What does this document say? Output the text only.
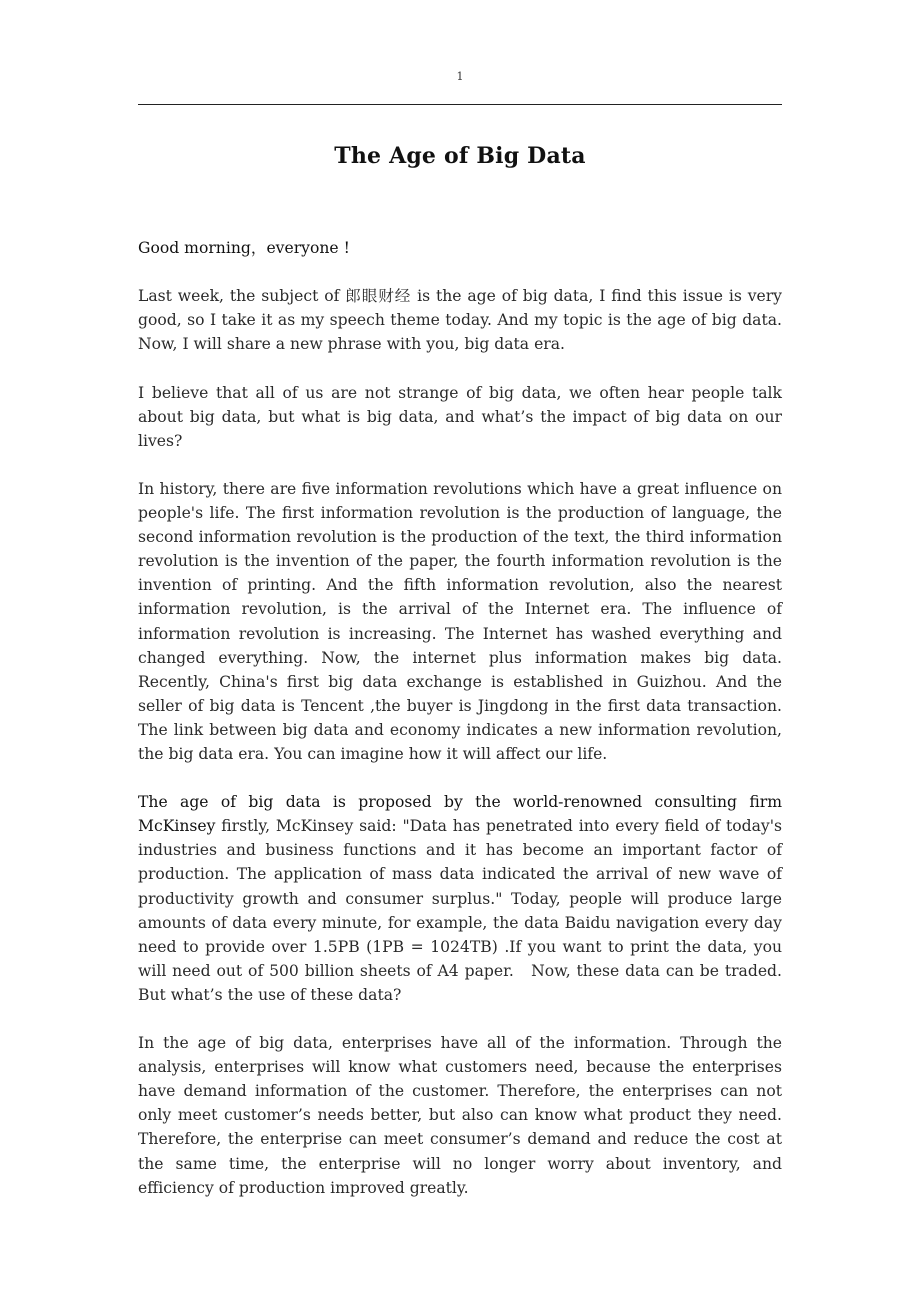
1
The Age of Big Data

Good morning，everyone !

Last week, the subject of 郎眼财经 is the age of big data, I find this issue is very good, so I take it as my speech theme today. And my topic is the age of big data. Now, I will share a new phrase with you, big data era.

I believe that all of us are not strange of big data, we often hear people talk about big data, but what is big data, and what’s the impact of big data on our lives?

In history, there are five information revolutions which have a great influence on people's life. The first information revolution is the production of language, the second information revolution is the production of the text, the third information revolution is the invention of the paper, the fourth information revolution is the invention of printing. And the fifth information revolution, also the nearest information revolution, is the arrival of the Internet era. The influence of information revolution is increasing. The Internet has washed everything and changed everything. Now, the internet plus information makes big data. Recently, China's first big data exchange is established in Guizhou. And the seller of big data is Tencent ,the buyer is Jingdong in the first data transaction. The link between big data and economy indicates a new information revolution, the big data era. You can imagine how it will affect our life.

The age of big data is proposed by the world-renowned consulting firm McKinsey firstly, McKinsey said: "Data has penetrated into every field of today's industries and business functions and it has become an important factor of production. The application of mass data indicated the arrival of new wave of productivity growth and consumer surplus." Today, people will produce large amounts of data every minute, for example, the data Baidu navigation every day need to provide over 1.5PB (1PB = 1024TB) .If you want to print the data, you will need out of 500 billion sheets of A4 paper.　Now, these data can be traded. But what’s the use of these data?

In the age of big data, enterprises have all of the information. Through the analysis, enterprises will know what customers need, because the enterprises have demand information of the customer. Therefore, the enterprises can not only meet customer’s needs better, but also can know what product they need. Therefore, the enterprise can meet consumer’s demand and reduce the cost at the same time, the enterprise will no longer worry about inventory, and efficiency of production improved greatly.
